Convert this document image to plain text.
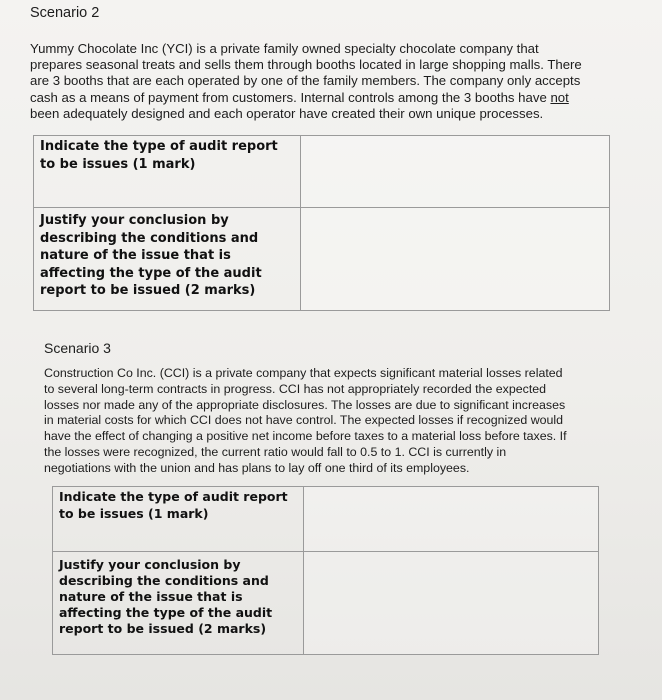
Scenario 2

Yummy Chocolate Inc (YCI) is a private family owned specialty chocolate company that
prepares seasonal treats and sells them through booths located in large shopping malls. There
are 3 booths that are each operated by one of the family members. The company only accepts
cash as a means of payment from customers. Internal controls among the 3 booths have not
been adequately designed and each operator have created their own unique processes.

Indicate the type of audit report to be issues (1 mark)	

Justify your conclusion by describing the conditions and nature of the issue that is affecting the type of the audit report to be issued (2 marks)	

Scenario 3

Construction Co Inc. (CCI) is a private company that expects significant material losses related
to several long-term contracts in progress. CCI has not appropriately recorded the expected
losses nor made any of the appropriate disclosures. The losses are due to significant increases
in material costs for which CCI does not have control. The expected losses if recognized would
have the effect of changing a positive net income before taxes to a material loss before taxes. If
the losses were recognized, the current ratio would fall to 0.5 to 1. CCI is currently in
negotiations with the union and has plans to lay off one third of its employees.

Indicate the type of audit report to be issues (1 mark)	

Justify your conclusion by describing the conditions and nature of the issue that is affecting the type of the audit report to be issued (2 marks)	
